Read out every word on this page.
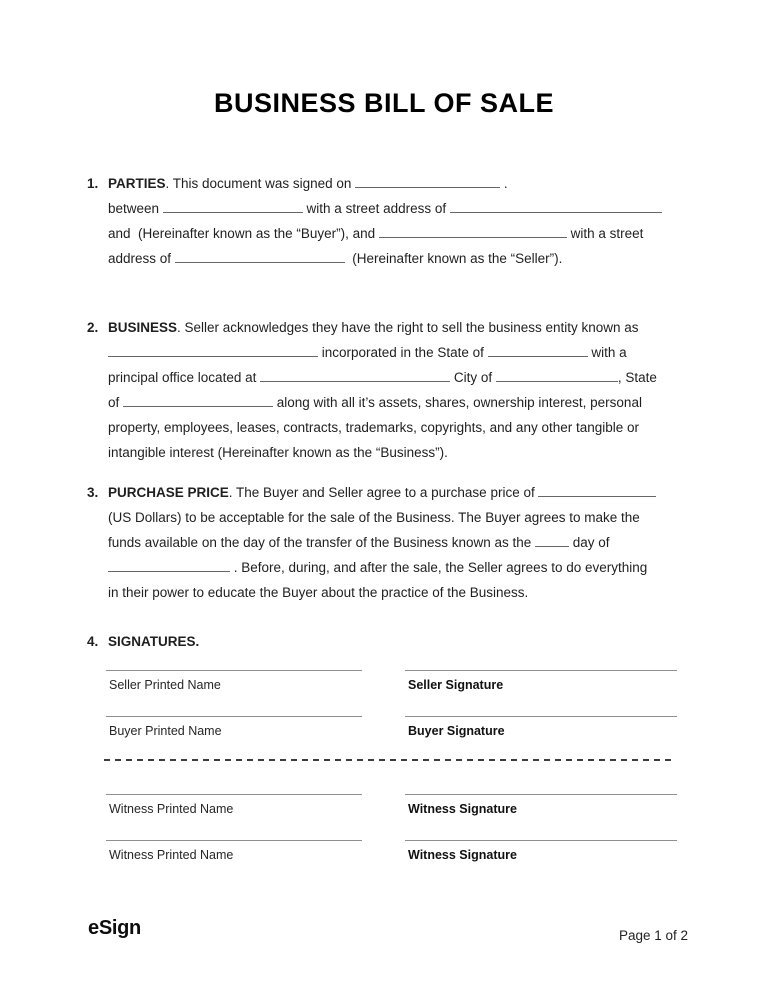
BUSINESS BILL OF SALE
1. PARTIES. This document was signed on	.
between	with a street address of
and  (Hereinafter known as the “Buyer”), and	with a street
address of	(Hereinafter known as the “Seller”).
2. BUSINESS. Seller acknowledges they have the right to sell the business entity known as
incorporated in the State of	with a
principal office located at	City of	, State
of	along with all it’s assets, shares, ownership interest, personal
property, employees, leases, contracts, trademarks, copyrights, and any other tangible or
intangible interest (Hereinafter known as the “Business”).
3. PURCHASE PRICE. The Buyer and Seller agree to a purchase price of
(US Dollars) to be acceptable for the sale of the Business. The Buyer agrees to make the
funds available on the day of the transfer of the Business known as the	day of
. Before, during, and after the sale, the Seller agrees to do everything
in their power to educate the Buyer about the practice of the Business.
4. SIGNATURES.
Seller Printed Name	Seller Signature
Buyer Printed Name	Buyer Signature
Witness Printed Name	Witness Signature
Witness Printed Name	Witness Signature
eSign	Page 1 of 2
